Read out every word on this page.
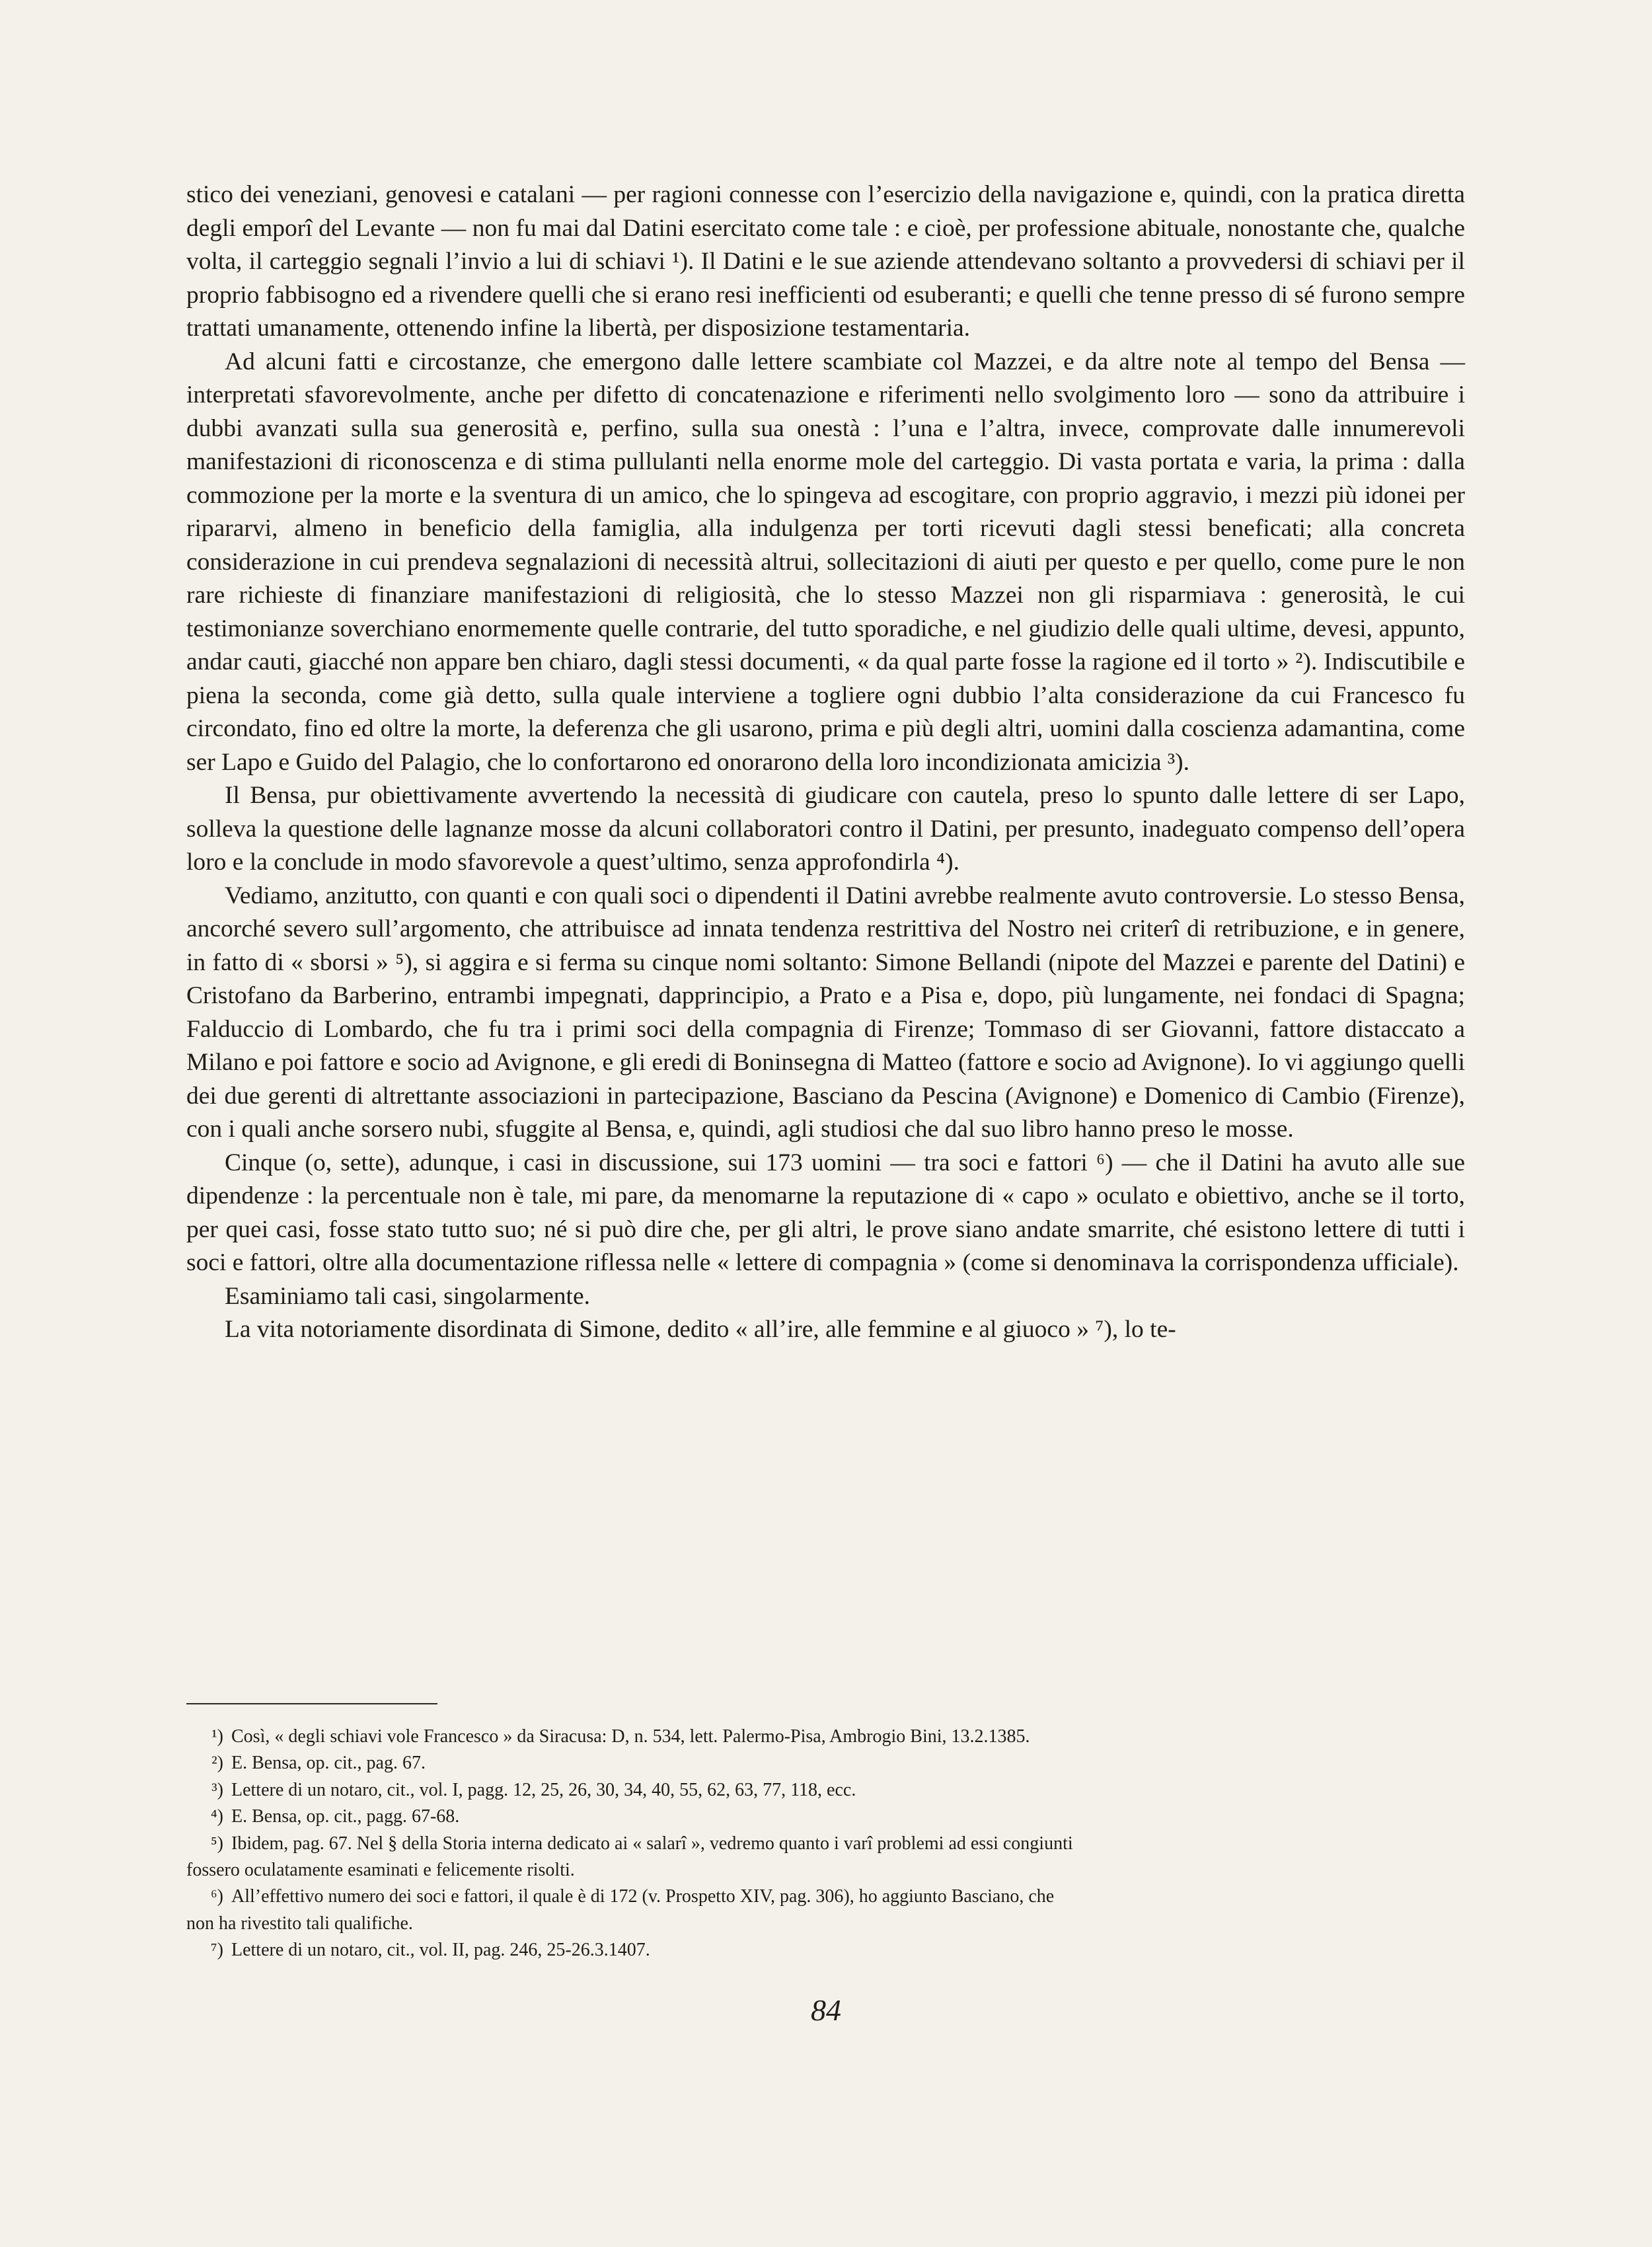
stico dei veneziani, genovesi e catalani — per ragioni connesse con l’esercizio della navigazione e, quindi, con la pratica diretta degli emporî del Levante — non fu mai dal Datini esercitato come tale : e cioè, per professione abituale, nonostante che, qualche volta, il carteggio segnali l’invio a lui di schiavi ¹). Il Datini e le sue aziende attendevano soltanto a provvedersi di schiavi per il proprio fabbisogno ed a rivendere quelli che si erano resi inefficienti od esuberanti; e quelli che tenne presso di sé furono sempre trattati umanamente, ottenendo infine la libertà, per disposizione testamentaria.

Ad alcuni fatti e circostanze, che emergono dalle lettere scambiate col Mazzei, e da altre note al tempo del Bensa — interpretati sfavorevolmente, anche per difetto di concatenazione e riferimenti nello svolgimento loro — sono da attribuire i dubbi avanzati sulla sua generosità e, perfino, sulla sua onestà : l’una e l’altra, invece, comprovate dalle innumerevoli manifestazioni di riconoscenza e di stima pullulanti nella enorme mole del carteggio. Di vasta portata e varia, la prima : dalla commozione per la morte e la sventura di un amico, che lo spingeva ad escogitare, con proprio aggravio, i mezzi più idonei per ripararvi, almeno in beneficio della famiglia, alla indulgenza per torti ricevuti dagli stessi beneficati; alla concreta considerazione in cui prendeva segnalazioni di necessità altrui, sollecitazioni di aiuti per questo e per quello, come pure le non rare richieste di finanziare manifestazioni di religiosità, che lo stesso Mazzei non gli risparmiava : generosità, le cui testimonianze soverchiano enormemente quelle contrarie, del tutto sporadiche, e nel giudizio delle quali ultime, devesi, appunto, andar cauti, giacché non appare ben chiaro, dagli stessi documenti, « da qual parte fosse la ragione ed il torto » ²). Indiscutibile e piena la seconda, come già detto, sulla quale interviene a togliere ogni dubbio l’alta considerazione da cui Francesco fu circondato, fino ed oltre la morte, la deferenza che gli usarono, prima e più degli altri, uomini dalla coscienza adamantina, come ser Lapo e Guido del Palagio, che lo confortarono ed onorarono della loro incondizionata amicizia ³).

Il Bensa, pur obiettivamente avvertendo la necessità di giudicare con cautela, preso lo spunto dalle lettere di ser Lapo, solleva la questione delle lagnanze mosse da alcuni collaboratori contro il Datini, per presunto, inadeguato compenso dell’opera loro e la conclude in modo sfavorevole a quest’ultimo, senza approfondirla ⁴).

Vediamo, anzitutto, con quanti e con quali soci o dipendenti il Datini avrebbe realmente avuto controversie. Lo stesso Bensa, ancorché severo sull’argomento, che attribuisce ad innata tendenza restrittiva del Nostro nei criterî di retribuzione, e in genere, in fatto di « sborsi » ⁵), si aggira e si ferma su cinque nomi soltanto: Simone Bellandi (nipote del Mazzei e parente del Datini) e Cristofano da Barberino, entrambi impegnati, dapprincipio, a Prato e a Pisa e, dopo, più lungamente, nei fondaci di Spagna; Falduccio di Lombardo, che fu tra i primi soci della compagnia di Firenze; Tommaso di ser Giovanni, fattore distaccato a Milano e poi fattore e socio ad Avignone, e gli eredi di Boninsegna di Matteo (fattore e socio ad Avignone). Io vi aggiungo quelli dei due gerenti di altrettante associazioni in partecipazione, Basciano da Pescina (Avignone) e Domenico di Cambio (Firenze), con i quali anche sorsero nubi, sfuggite al Bensa, e, quindi, agli studiosi che dal suo libro hanno preso le mosse.

Cinque (o, sette), adunque, i casi in discussione, sui 173 uomini — tra soci e fattori ⁶) — che il Datini ha avuto alle sue dipendenze : la percentuale non è tale, mi pare, da menomarne la reputazione di « capo » oculato e obiettivo, anche se il torto, per quei casi, fosse stato tutto suo; né si può dire che, per gli altri, le prove siano andate smarrite, ché esistono lettere di tutti i soci e fattori, oltre alla documentazione riflessa nelle « lettere di compagnia » (come si denominava la corrispondenza ufficiale).

Esaminiamo tali casi, singolarmente.

La vita notoriamente disordinata di Simone, dedito « all’ire, alle femmine e al giuoco » ⁷), lo te-

¹) Così, « degli schiavi vole Francesco » da Siracusa: D, n. 534, lett. Palermo-Pisa, Ambrogio Bini, 13.2.1385.
²) E. Bensa, op. cit., pag. 67.
³) Lettere di un notaro, cit., vol. I, pagg. 12, 25, 26, 30, 34, 40, 55, 62, 63, 77, 118, ecc.
⁴) E. Bensa, op. cit., pagg. 67-68.
⁵) Ibidem, pag. 67. Nel § della Storia interna dedicato ai « salarî », vedremo quanto i varî problemi ad essi congiunti
fossero oculatamente esaminati e felicemente risolti.
⁶) All’effettivo numero dei soci e fattori, il quale è di 172 (v. Prospetto XIV, pag. 306), ho aggiunto Basciano, che
non ha rivestito tali qualifiche.
⁷) Lettere di un notaro, cit., vol. II, pag. 246, 25-26.3.1407.
84
